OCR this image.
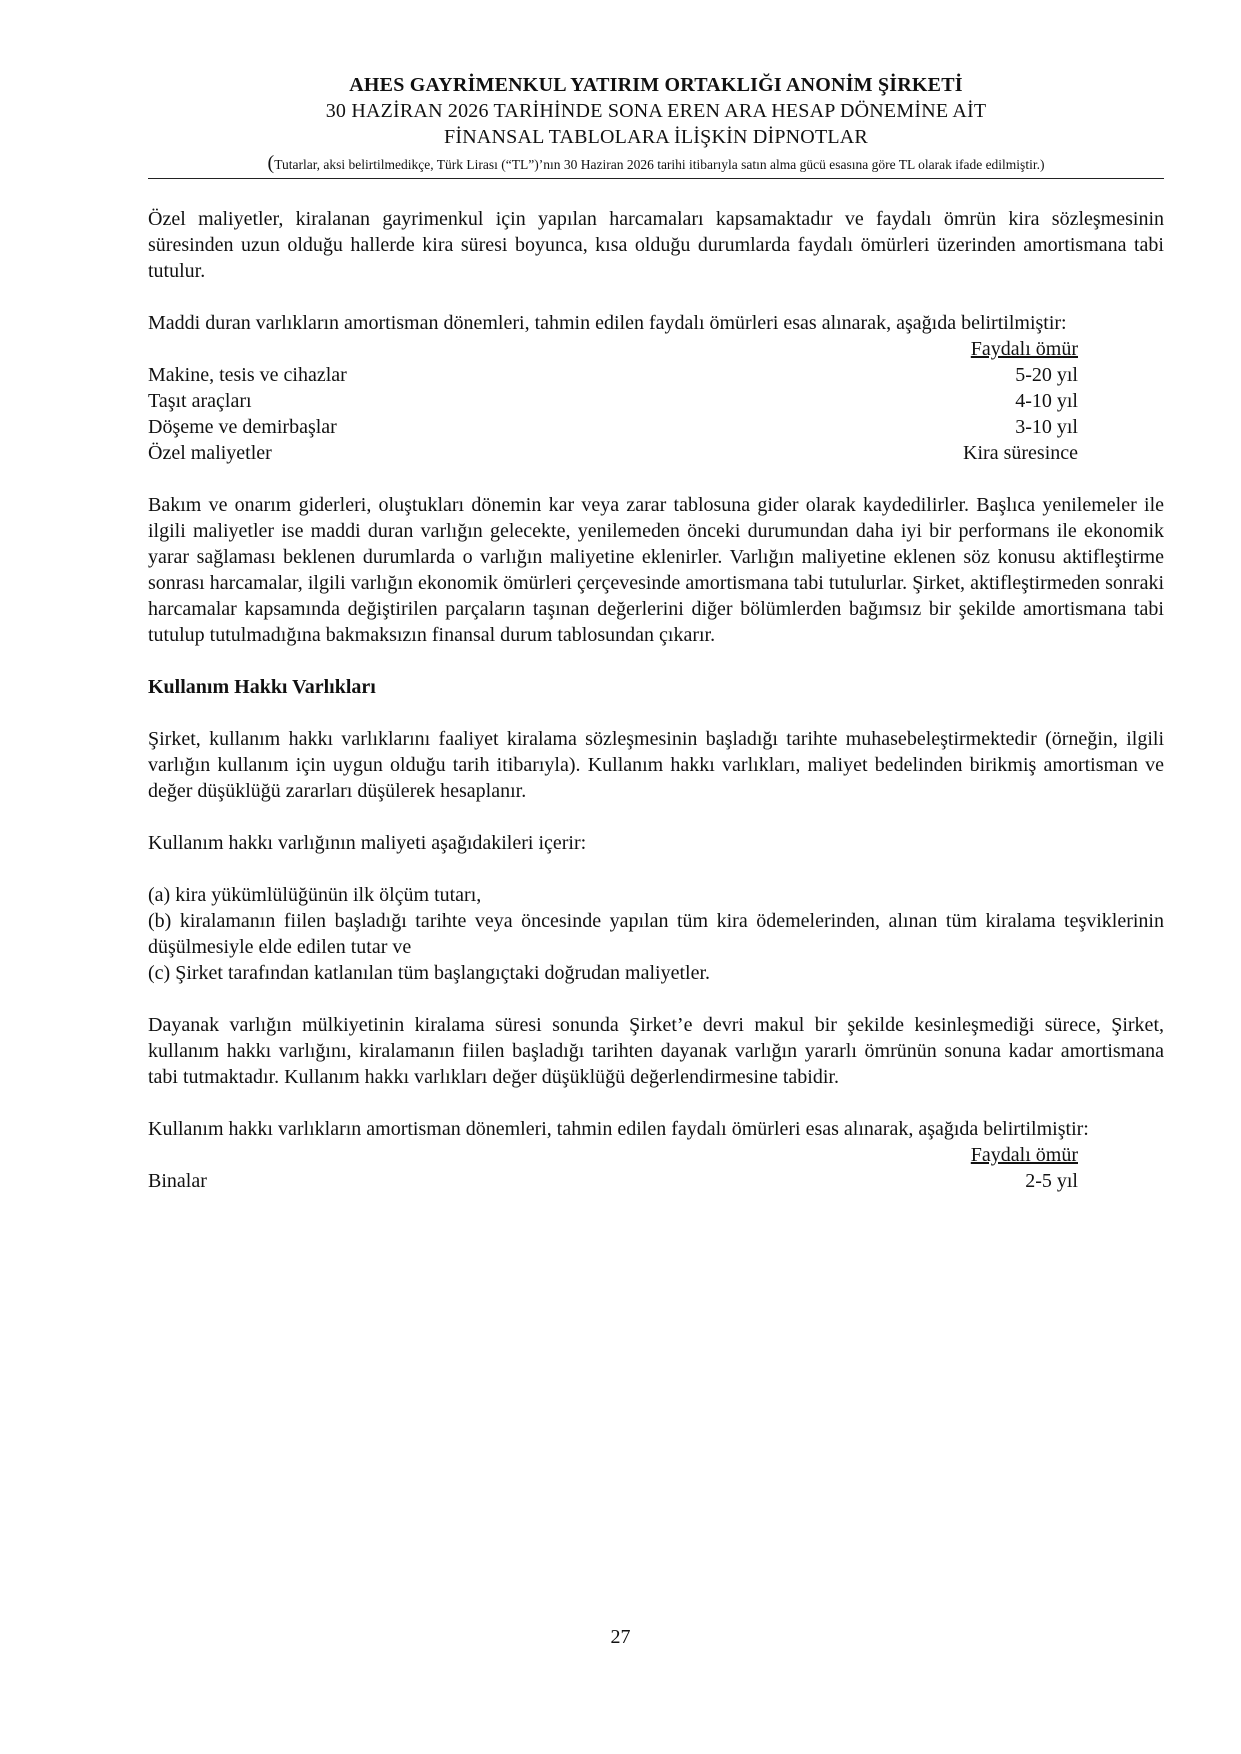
AHES GAYRİMENKUL YATIRIM ORTAKLIĞI ANONİM ŞİRKETİ
30 HAZİRAN 2026 TARİHİNDE SONA EREN ARA HESAP DÖNEMİNE AİT
FİNANSAL TABLOLARA İLİŞKİN DİPNOTLAR
(Tutarlar, aksi belirtilmedikçe, Türk Lirası (“TL”)’nın 30 Haziran 2026 tarihi itibarıyla satın alma gücü esasına göre TL olarak ifade edilmiştir.)

Özel maliyetler, kiralanan gayrimenkul için yapılan harcamaları kapsamaktadır ve faydalı ömrün kira sözleşmesinin süresinden uzun olduğu hallerde kira süresi boyunca, kısa olduğu durumlarda faydalı ömürleri üzerinden amortismana tabi tutulur.

Maddi duran varlıkların amortisman dönemleri, tahmin edilen faydalı ömürleri esas alınarak, aşağıda belirtilmiştir:

Faydalı ömür
Makine, tesis ve cihazlar	5-20 yıl
Taşıt araçları	4-10 yıl
Döşeme ve demirbaşlar	3-10 yıl
Özel maliyetler	Kira süresince

Bakım ve onarım giderleri, oluştukları dönemin kar veya zarar tablosuna gider olarak kaydedilirler. Başlıca yenilemeler ile ilgili maliyetler ise maddi duran varlığın gelecekte, yenilemeden önceki durumundan daha iyi bir performans ile ekonomik yarar sağlaması beklenen durumlarda o varlığın maliyetine eklenirler. Varlığın maliyetine eklenen söz konusu aktifleştirme sonrası harcamalar, ilgili varlığın ekonomik ömürleri çerçevesinde amortismana tabi tutulurlar. Şirket, aktifleştirmeden sonraki harcamalar kapsamında değiştirilen parçaların taşınan değerlerini diğer bölümlerden bağımsız bir şekilde amortismana tabi tutulup tutulmadığına bakmaksızın finansal durum tablosundan çıkarır.

Kullanım Hakkı Varlıkları

Şirket, kullanım hakkı varlıklarını faaliyet kiralama sözleşmesinin başladığı tarihte muhasebeleştirmektedir (örneğin, ilgili varlığın kullanım için uygun olduğu tarih itibarıyla). Kullanım hakkı varlıkları, maliyet bedelinden birikmiş amortisman ve değer düşüklüğü zararları düşülerek hesaplanır.

Kullanım hakkı varlığının maliyeti aşağıdakileri içerir:

(a) kira yükümlülüğünün ilk ölçüm tutarı,

(b) kiralamanın fiilen başladığı tarihte veya öncesinde yapılan tüm kira ödemelerinden, alınan tüm kiralama teşviklerinin düşülmesiyle elde edilen tutar ve

(c) Şirket tarafından katlanılan tüm başlangıçtaki doğrudan maliyetler.

Dayanak varlığın mülkiyetinin kiralama süresi sonunda Şirket’e devri makul bir şekilde kesinleşmediği sürece, Şirket, kullanım hakkı varlığını, kiralamanın fiilen başladığı tarihten dayanak varlığın yararlı ömrünün sonuna kadar amortismana tabi tutmaktadır. Kullanım hakkı varlıkları değer düşüklüğü değerlendirmesine tabidir.

Kullanım hakkı varlıkların amortisman dönemleri, tahmin edilen faydalı ömürleri esas alınarak, aşağıda belirtilmiştir:

Faydalı ömür
Binalar	2-5 yıl
27
